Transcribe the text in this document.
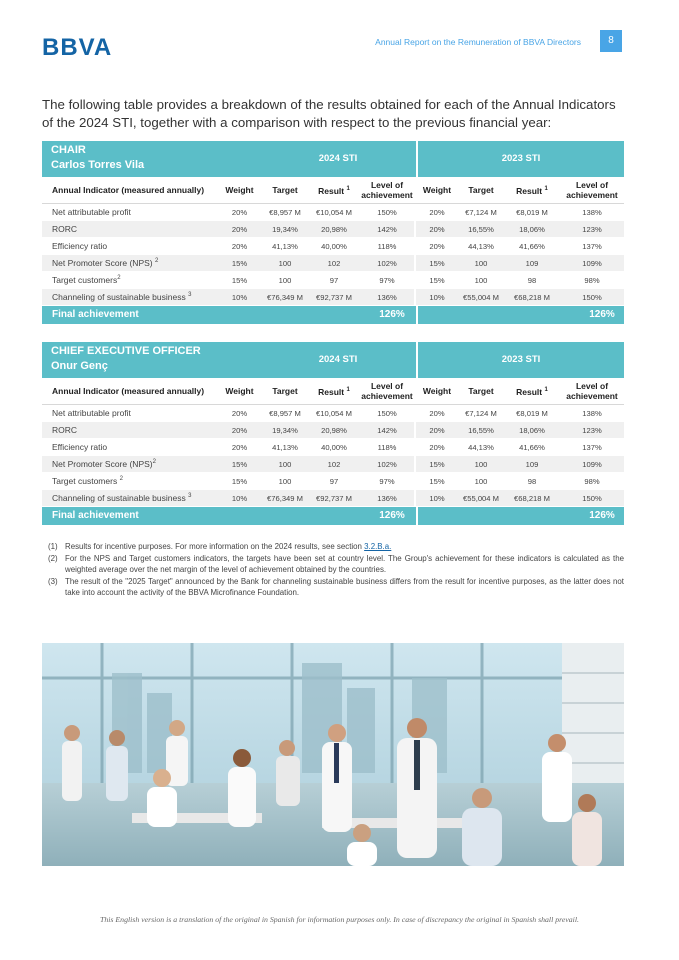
BBVA	Annual Report on the Remuneration of BBVA Directors	8
The following table provides a breakdown of the results obtained for each of the Annual Indicators of the 2024 STI, together with a comparison with respect to the previous financial year:
CHAIR
Carlos Torres Vila
2024 STI	2023 STI
Annual Indicator (measured annually)	Weight	Target	Result $^1$	Level of achievement		Weight	Target	Result $^1$	Level of achievement
Net attributable profit	20%	€8,957 M	€10,054 M	150%		20%	€7,124 M	€8,019 M	138%
RORC	20%	19,34%	20,98%	142%		20%	16,55%	18,06%	123%
Efficiency ratio	20%	41,13%	40,00%	118%		20%	44,13%	41,66%	137%
Net Promoter Score (NPS) $^2$	15%	100	102	102%		15%	100	109	109%
Target customers$^2$	15%	100	97	97%		15%	100	98	98%
Channeling of sustainable business $^3$	10%	€76,349 M	€92,737 M	136%		10%	€55,004 M	€68,218 M	150%
Final achievement	126%	126%
CHIEF EXECUTIVE OFFICER
Onur Genç
2024 STI	2023 STI
Annual Indicator (measured annually)	Weight	Target	Result $^1$	Level of achievement		Weight	Target	Result $^1$	Level of achievement
Net attributable profit	20%	€8,957 M	€10,054 M	150%		20%	€7,124 M	€8,019 M	138%
RORC	20%	19,34%	20,98%	142%		20%	16,55%	18,06%	123%
Efficiency ratio	20%	41,13%	40,00%	118%		20%	44,13%	41,66%	137%
Net Promoter Score (NPS)$^2$	15%	100	102	102%		15%	100	109	109%
Target customers $^2$	15%	100	97	97%		15%	100	98	98%
Channeling of sustainable business $^3$	10%	€76,349 M	€92,737 M	136%		10%	€55,004 M	€68,218 M	150%
Final achievement	126%	126%
(1) Results for incentive purposes. For more information on the 2024 results, see section 3.2.B.a.
(2) For the NPS and Target customers indicators, the targets have been set at country level. The Group's achievement for these indicators is calculated as the weighted average over the net margin of the level of achievement obtained by the countries.
(3) The result of the "2025 Target" announced by the Bank for channeling sustainable business differs from the result for incentive purposes, as the latter does not take into account the activity of the BBVA Microfinance Foundation.
This English version is a translation of the original in Spanish for information purposes only. In case of discrepancy the original in Spanish shall prevail.
